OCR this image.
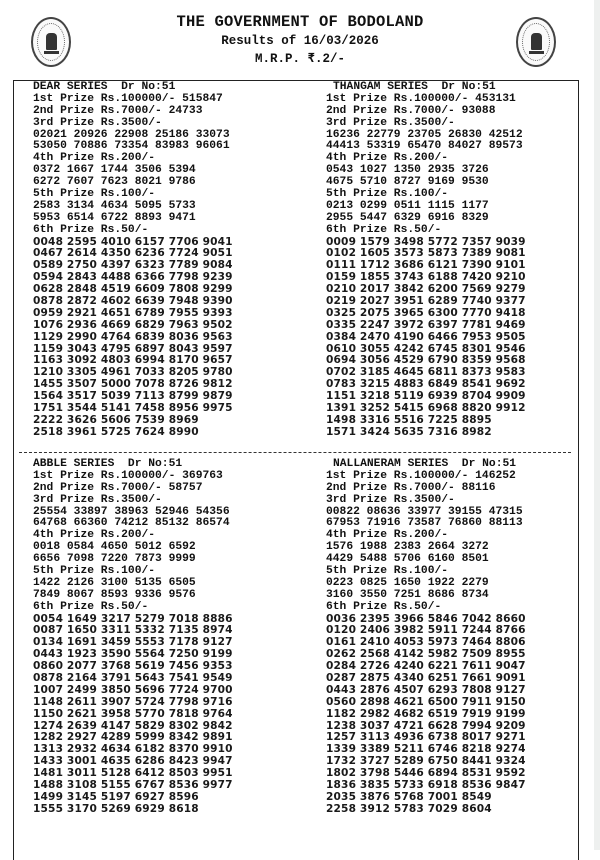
THE GOVERNMENT OF BODOLAND
Results of 16/03/2026
M.R.P. ₹.2/-
DEAR SERIES  Dr No:51
1st Prize Rs.100000/- 515847
2nd Prize Rs.7000/- 24733
3rd Prize Rs.3500/-
02021 20926 22908 25186 33073
53050 70886 73354 83983 96061
4th Prize Rs.200/-
0372 1667 1744 3506 5394
6272 7607 7623 8021 9786
5th Prize Rs.100/-
2583 3134 4634 5095 5733
5953 6514 6722 8893 9471
6th Prize Rs.50/-
0048 2595 4010 6157 7706 9041
0467 2614 4350 6236 7724 9051
0589 2750 4397 6323 7789 9084
0594 2843 4488 6366 7798 9239
0628 2848 4519 6609 7808 9299
0878 2872 4602 6639 7948 9390
0959 2921 4651 6789 7955 9393
1076 2936 4669 6829 7963 9502
1129 2990 4764 6839 8036 9563
1159 3043 4795 6897 8043 9597
1163 3092 4803 6994 8170 9657
1210 3305 4961 7033 8205 9780
1455 3507 5000 7078 8726 9812
1564 3517 5039 7113 8799 9879
1751 3544 5141 7458 8956 9975
2222 3626 5606 7539 8969
2518 3961 5725 7624 8990
THANGAM SERIES  Dr No:51
1st Prize Rs.100000/- 453131
2nd Prize Rs.7000/- 93088
3rd Prize Rs.3500/-
16236 22779 23705 26830 42512
44413 53319 65470 84027 89573
4th Prize Rs.200/-
0543 1027 1350 2935 3726
4675 5710 8727 9169 9530
5th Prize Rs.100/-
0213 0299 0511 1115 1177
2955 5447 6329 6916 8329
6th Prize Rs.50/-
0009 1579 3498 5772 7357 9039
0102 1605 3573 5873 7389 9081
0111 1712 3686 6121 7390 9101
0159 1855 3743 6188 7420 9210
0210 2017 3842 6200 7569 9279
0219 2027 3951 6289 7740 9377
0325 2075 3965 6300 7770 9418
0335 2247 3972 6397 7781 9469
0384 2470 4190 6466 7953 9505
0610 3055 4242 6745 8301 9546
0694 3056 4529 6790 8359 9568
0702 3185 4645 6811 8373 9583
0783 3215 4883 6849 8541 9692
1151 3218 5119 6939 8704 9909
1391 3252 5415 6968 8820 9912
1498 3316 5516 7225 8895
1571 3424 5635 7316 8982
ABBLE SERIES  Dr No:51
1st Prize Rs.100000/- 369763
2nd Prize Rs.7000/- 58757
3rd Prize Rs.3500/-
25554 33897 38963 52946 54356
64768 66360 74212 85132 86574
4th Prize Rs.200/-
0018 0584 4650 5012 6592
6656 7098 7220 7873 9999
5th Prize Rs.100/-
1422 2126 3100 5135 6505
7849 8067 8593 9336 9576
6th Prize Rs.50/-
0054 1649 3217 5279 7018 8886
0087 1650 3311 5332 7135 8974
0134 1691 3459 5553 7178 9127
0443 1923 3590 5564 7250 9199
0860 2077 3768 5619 7456 9353
0878 2164 3791 5643 7541 9549
1007 2499 3850 5696 7724 9700
1148 2611 3907 5724 7798 9716
1150 2621 3958 5770 7818 9764
1274 2639 4147 5829 8302 9842
1282 2927 4289 5999 8342 9891
1313 2932 4634 6182 8370 9910
1433 3001 4635 6286 8423 9947
1481 3011 5128 6412 8503 9951
1488 3108 5155 6767 8536 9977
1499 3145 5197 6927 8596
1555 3170 5269 6929 8618
NALLANERAM SERIES  Dr No:51
1st Prize Rs.100000/- 146252
2nd Prize Rs.7000/- 88116
3rd Prize Rs.3500/-
00822 08636 33977 39155 47315
67953 71916 73587 76860 88113
4th Prize Rs.200/-
1576 1988 2383 2664 3272
4429 5488 5706 6160 8501
5th Prize Rs.100/-
0223 0825 1650 1922 2279
3160 3550 7251 8686 8734
6th Prize Rs.50/-
0036 2395 3966 5846 7042 8660
0120 2406 3982 5911 7244 8766
0161 2410 4053 5973 7464 8806
0262 2568 4142 5982 7509 8955
0284 2726 4240 6221 7611 9047
0287 2875 4340 6251 7661 9091
0443 2876 4507 6293 7808 9127
0560 2898 4621 6500 7911 9150
1182 2982 4682 6519 7919 9199
1238 3037 4721 6628 7994 9209
1257 3113 4936 6738 8017 9271
1339 3389 5211 6746 8218 9274
1732 3727 5289 6750 8441 9324
1802 3798 5446 6894 8531 9592
1836 3835 5733 6918 8536 9847
2035 3876 5768 7001 8549
2258 3912 5783 7029 8604
